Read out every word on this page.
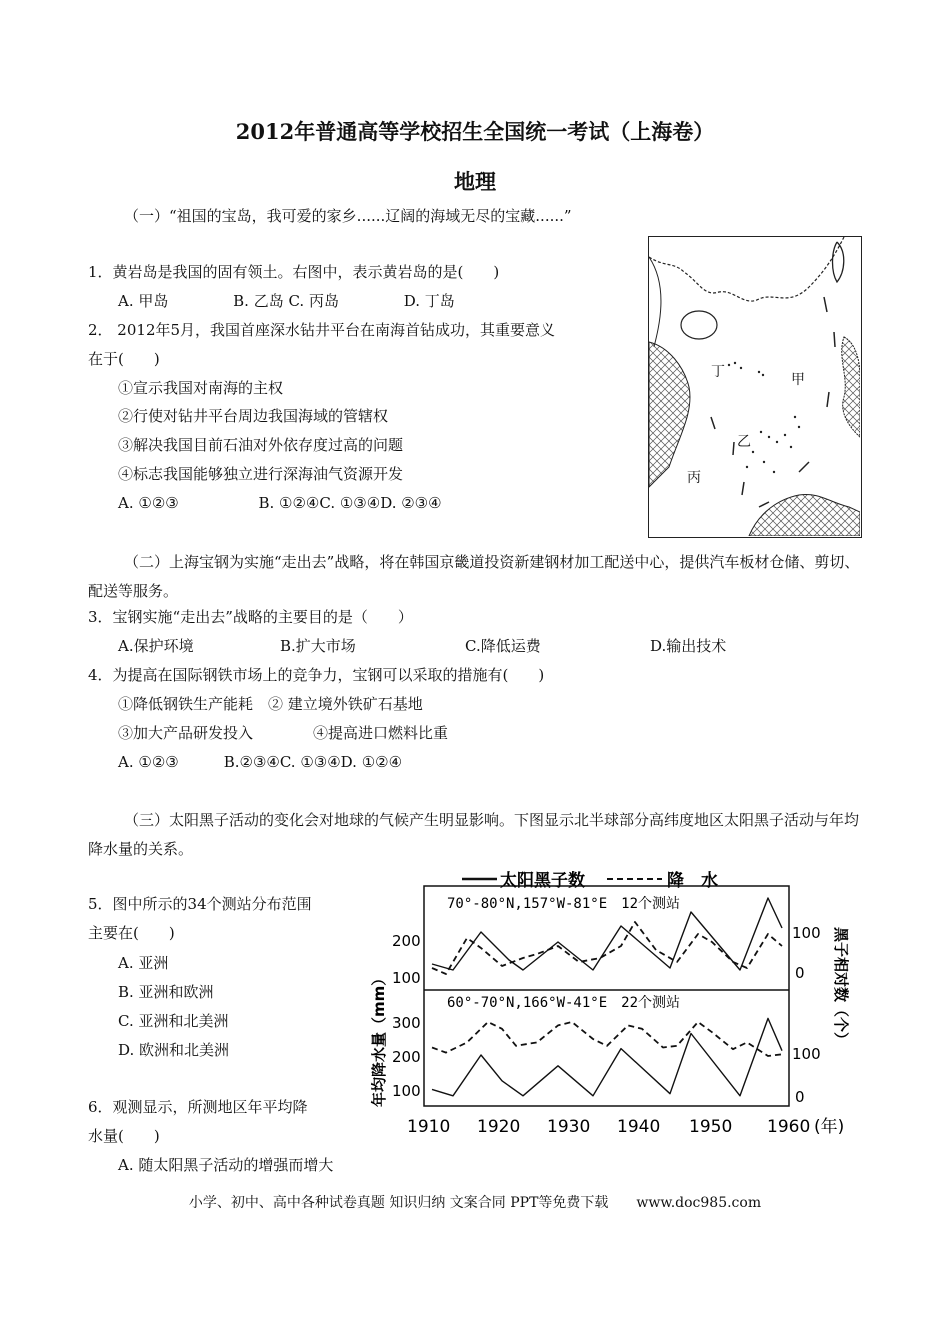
2012年普通高等学校招生全国统一考试（上海卷）
地理
（一）“祖国的宝岛，我可爱的家乡......辽阔的海域无尽的宝藏......”
1．黄岩岛是我国的固有领土。右图中，表示黄岩岛的是(　　)
A. 甲岛　　　　 B. 乙岛 C. 丙岛　　　　 D. 丁岛
2． 2012年5月，我国首座深水钻井平台在南海首钻成功，其重要意义
在于(　　)
①宣示我国对南海的主权
②行使对钻井平台周边我国海域的管辖权
③解决我国目前石油对外依存度过高的问题
④标志我国能够独立进行深海油气资源开发
A. ①②③　　　　　 B. ①②④C. ①③④D. ②③④
丁	甲
乙
丙
（二）上海宝钢为实施“走出去”战略，将在韩国京畿道投资新建钢材加工配送中心，提供汽车板材仓储、剪切、配送等服务。
3．宝钢实施“走出去”战略的主要目的是（　　）
A.保护环境	B.扩大市场	C.降低运费	D.输出技术
4．为提高在国际钢铁市场上的竞争力，宝钢可以采取的措施有(　　)
①降低钢铁生产能耗　② 建立境外铁矿石基地
③加大产品研发投入　　　　④提高进口燃料比重
A. ①②③　　　B.②③④C. ①③④D. ①②④
（三）太阳黑子活动的变化会对地球的气候产生明显影响。下图显示北半球部分高纬度地区太阳黑子活动与年均降水量的关系。
5．图中所示的34个测站分布范围
主要在(　　)
A. 亚洲
B. 亚洲和欧洲
C. 亚洲和北美洲
D. 欧洲和北美洲
6．观测显示，所测地区年平均降
水量(　　)
A. 随太阳黑子活动的增强而增大
太阳黑子数	降　水
70°-80°N,157°W-81°E　12个测站
60°-70°N,166°W-41°E　22个测站
200
100
300
200
100
100
0
100
0
年均降水量（mm）	黑子相对数（个）
1910 1920 1930 1940 1950 1960 (年)
小学、初中、高中各种试卷真题 知识归纳 文案合同 PPT等免费下载　　www.doc985.com
